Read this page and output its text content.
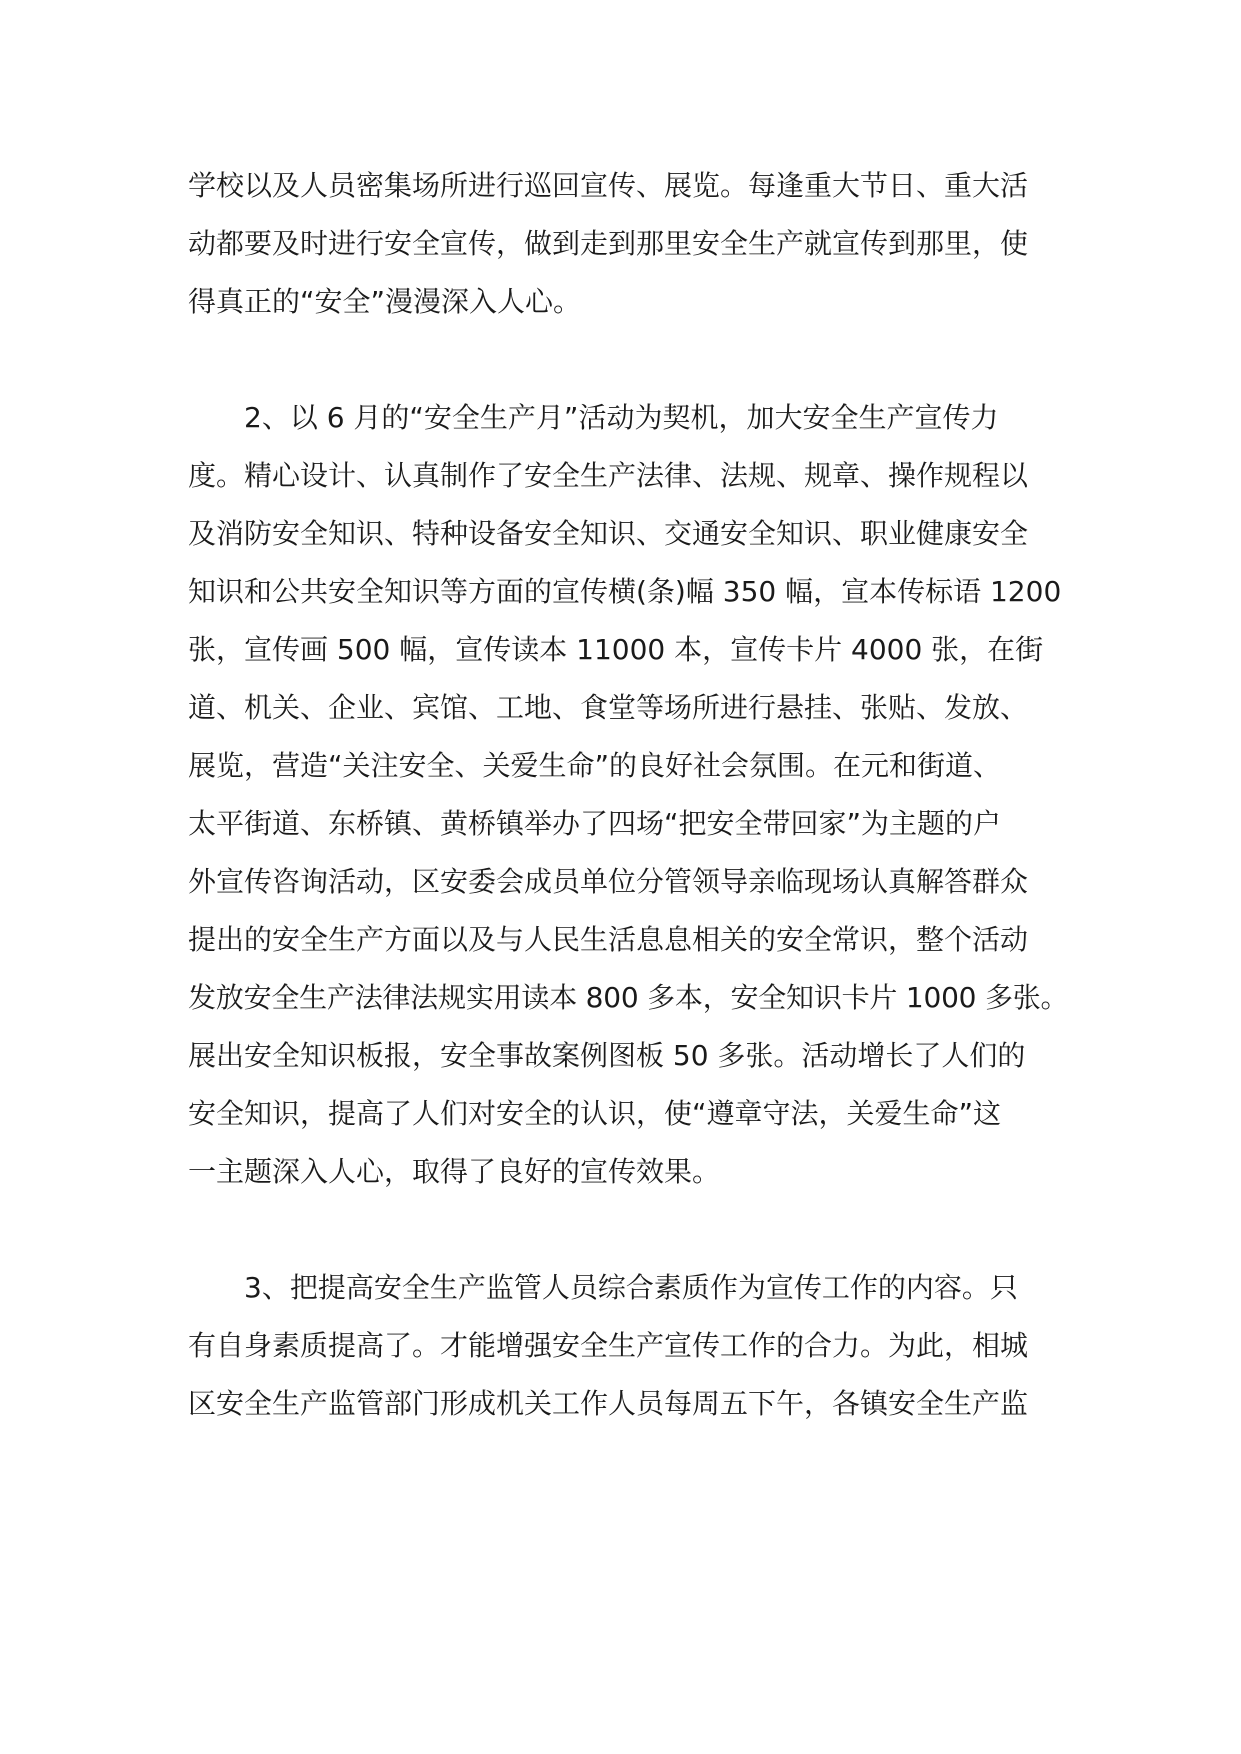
学校以及人员密集场所进行巡回宣传、展览。每逢重大节日、重大活
动都要及时进行安全宣传，做到走到那里安全生产就宣传到那里，使
得真正的“安全”漫漫深入人心。
2、以 6 月的“安全生产月”活动为契机，加大安全生产宣传力
度。精心设计、认真制作了安全生产法律、法规、规章、操作规程以
及消防安全知识、特种设备安全知识、交通安全知识、职业健康安全
知识和公共安全知识等方面的宣传横(条)幅 350 幅，宣本传标语 1200
张，宣传画 500 幅，宣传读本 11000 本，宣传卡片 4000 张，在街
道、机关、企业、宾馆、工地、食堂等场所进行悬挂、张贴、发放、
展览，营造“关注安全、关爱生命”的良好社会氛围。在元和街道、
太平街道、东桥镇、黄桥镇举办了四场“把安全带回家”为主题的户
外宣传咨询活动，区安委会成员单位分管领导亲临现场认真解答群众
提出的安全生产方面以及与人民生活息息相关的安全常识，整个活动
发放安全生产法律法规实用读本 800 多本，安全知识卡片 1000 多张。
展出安全知识板报，安全事故案例图板 50 多张。活动增长了人们的
安全知识，提高了人们对安全的认识，使“遵章守法，关爱生命”这
一主题深入人心，取得了良好的宣传效果。
3、把提高安全生产监管人员综合素质作为宣传工作的内容。只
有自身素质提高了。才能增强安全生产宣传工作的合力。为此，相城
区安全生产监管部门形成机关工作人员每周五下午，各镇安全生产监
